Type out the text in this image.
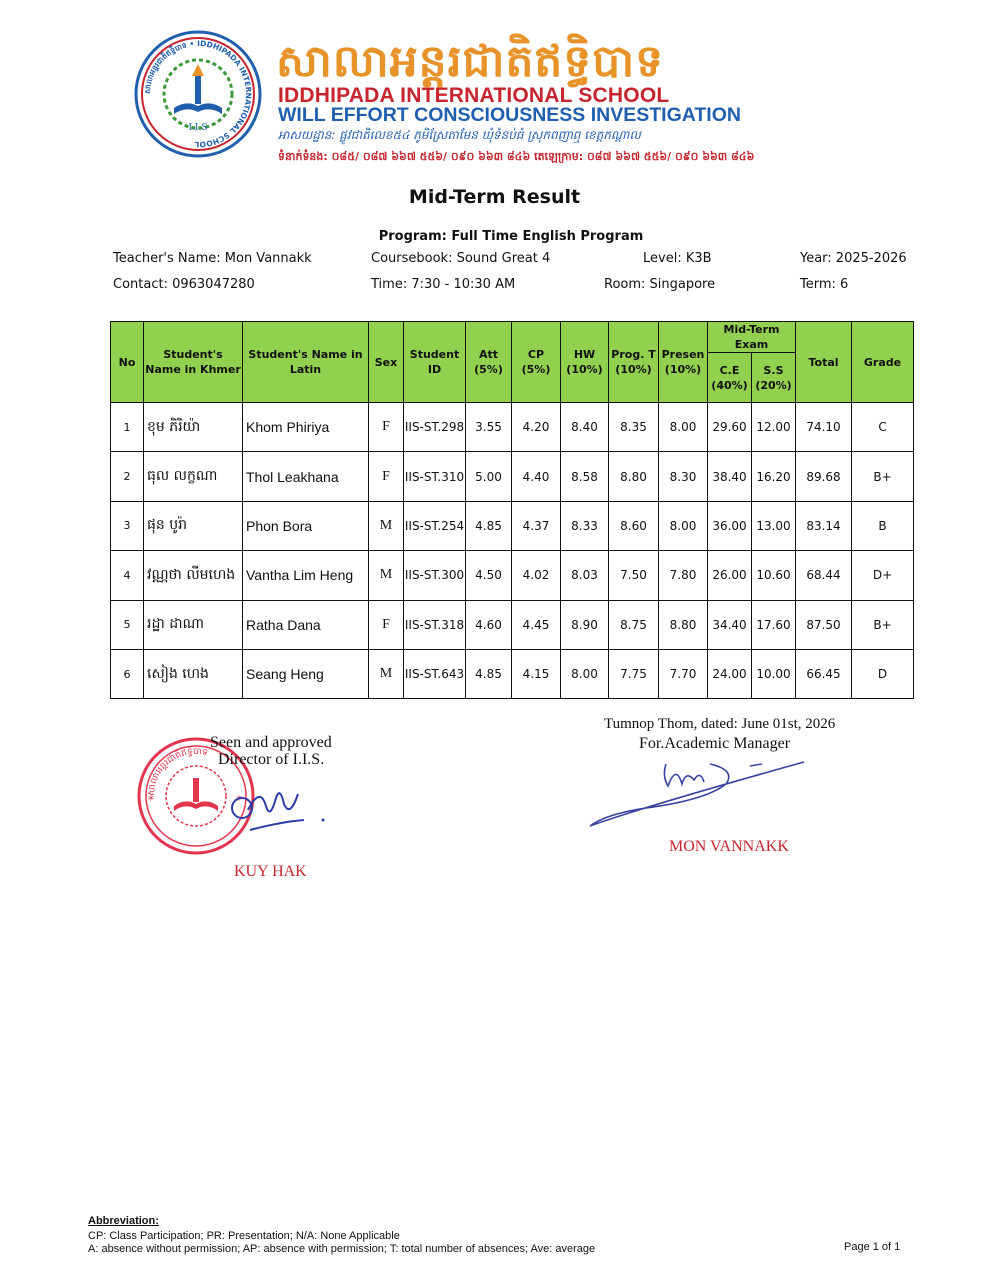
សាលាអន្តរជាតិឥទ្ធិបាទ • IDDHIPADA INTERNATIONAL SCHOOL
I.I.S
សាលាអន្តរជាតិឥទ្ធិបាទ
IDDHIPADA INTERNATIONAL SCHOOL
WILL EFFORT CONSCIOUSNESS INVESTIGATION
អាសយដ្ឋាន: ផ្លូវជាតិលេខ៥៤ ភូមិស្រែតាមែន ឃុំទំនប់ធំ ស្រុកពញាឮ ខេត្តកណ្ដាល
ទំនាក់ទំនង: ០៨៥/ ០៨៧ ៦៦៧ ៥៥៦/ ០៩០ ៦៦៣ ៨៤៦ តេឡេក្រាម: ០៨៧ ៦៦៧ ៥៥៦/ ០៩០ ៦៦៣ ៨៤៦
Mid-Term Result
Program: Full Time English Program
Teacher's Name: Mon Vannakk	Coursebook: Sound Great 4	Level: K3B	Year: 2025-2026
Contact: 0963047280	Time: 7:30 - 10:30 AM	Room: Singapore	Term: 6
No	Student's Name in Khmer	Student's Name in Latin	Sex	Student ID	Att (5%)	CP (5%)	HW (10%)	Prog. T (10%)	Presen (10%)	Mid-Term Exam		Total	Grade
										C.E (40%)	S.S (20%)		
1	ខុម ភិរិយ៉ា	Khom Phiriya	F	IIS-ST.298	3.55	4.20	8.40	8.35	8.00	29.60	12.00	74.10	C
2	ធុល លក្ខណា	Thol Leakhana	F	IIS-ST.310	5.00	4.40	8.58	8.80	8.30	38.40	16.20	89.68	B+
3	ផុន បូរ៉ា	Phon Bora	M	IIS-ST.254	4.85	4.37	8.33	8.60	8.00	36.00	13.00	83.14	B
4	វណ្ណថា លីមហេង	Vantha Lim Heng	M	IIS-ST.300	4.50	4.02	8.03	7.50	7.80	26.00	10.60	68.44	D+
5	រដ្ឋា ដាណា	Ratha Dana	F	IIS-ST.318	4.60	4.45	8.90	8.75	8.80	34.40	17.60	87.50	B+
6	សៀង ហេង	Seang Heng	M	IIS-ST.643	4.85	4.15	8.00	7.75	7.70	24.00	10.00	66.45	D
សាលាអន្តរជាតិឥទ្ធិបាទ
*
*
Seen and approved
Director of I.I.S.
KUY HAK
Tumnop Thom, dated: June 01st, 2026
For.Academic Manager
MON VANNAKK
Abbreviation:
CP: Class Participation; PR: Presentation; N/A: None Applicable
A: absence without permission; AP: absence with permission; T: total number of absences; Ave: average	Page 1 of 1
